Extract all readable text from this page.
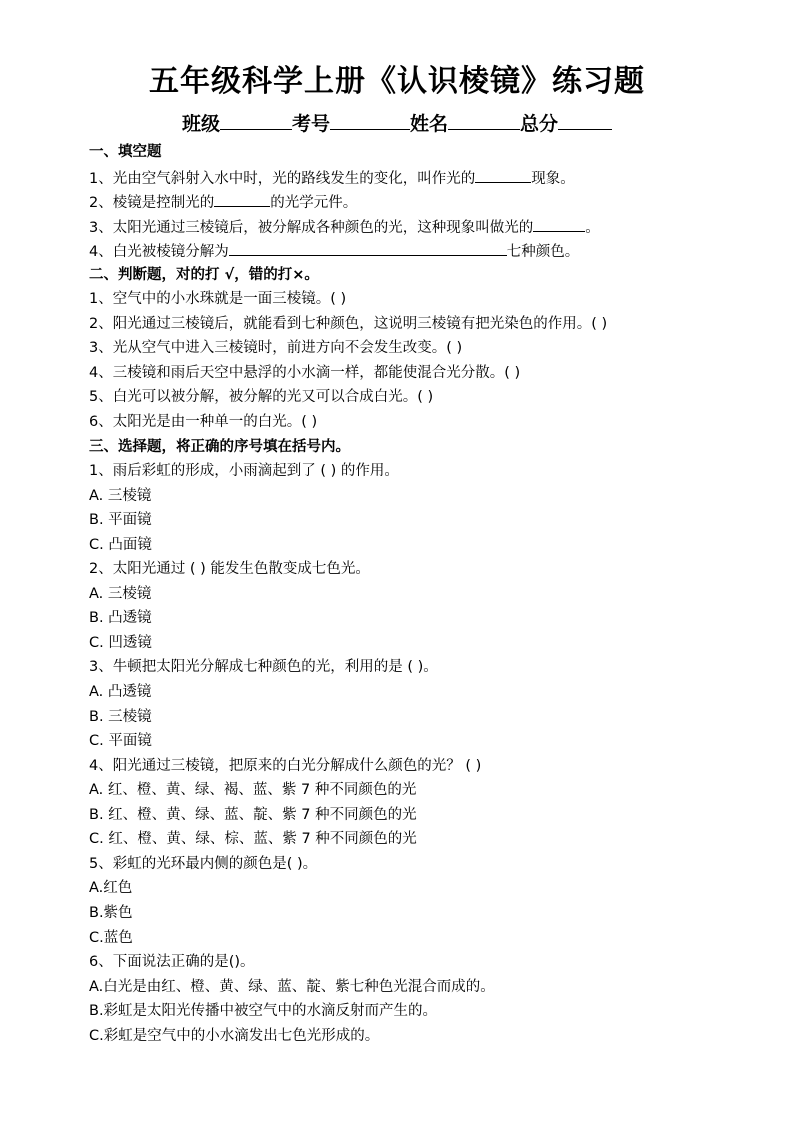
五年级科学上册《认识棱镜》练习题
班级	考号	姓名	总分
一、填空题
1、光由空气斜射入水中时，光的路线发生的变化，叫作光的	现象。
2、棱镜是控制光的	的光学元件。
3、太阳光通过三棱镜后，被分解成各种颜色的光，这种现象叫做光的	。
4、白光被棱镜分解为	七种颜色。
二、判断题，对的打 √，错的打×。
1、空气中的小水珠就是一面三棱镜。( )
2、阳光通过三棱镜后，就能看到七种颜色，这说明三棱镜有把光染色的作用。( )
3、光从空气中进入三棱镜时，前进方向不会发生改变。( )
4、三棱镜和雨后天空中悬浮的小水滴一样，都能使混合光分散。( )
5、白光可以被分解，被分解的光又可以合成白光。( )
6、太阳光是由一种单一的白光。( )
三、选择题，将正确的序号填在括号内。
1、雨后彩虹的形成，小雨滴起到了 ( ) 的作用。
A. 三棱镜
B. 平面镜
C. 凸面镜
2、太阳光通过 ( ) 能发生色散变成七色光。
A. 三棱镜
B. 凸透镜
C. 凹透镜
3、牛顿把太阳光分解成七种颜色的光，利用的是 ( )。
A. 凸透镜
B. 三棱镜
C. 平面镜
4、阳光通过三棱镜，把原来的白光分解成什么颜色的光？ ( )
A. 红、橙、黄、绿、褐、蓝、紫 7 种不同颜色的光
B. 红、橙、黄、绿、蓝、靛、紫 7 种不同颜色的光
C. 红、橙、黄、绿、棕、蓝、紫 7 种不同颜色的光
5、彩虹的光环最内侧的颜色是( )。
A.红色
B.紫色
C.蓝色
6、下面说法正确的是()。
A.白光是由红、橙、黄、绿、蓝、靛、紫七种色光混合而成的。
B.彩虹是太阳光传播中被空气中的水滴反射而产生的。
C.彩虹是空气中的小水滴发出七色光形成的。
